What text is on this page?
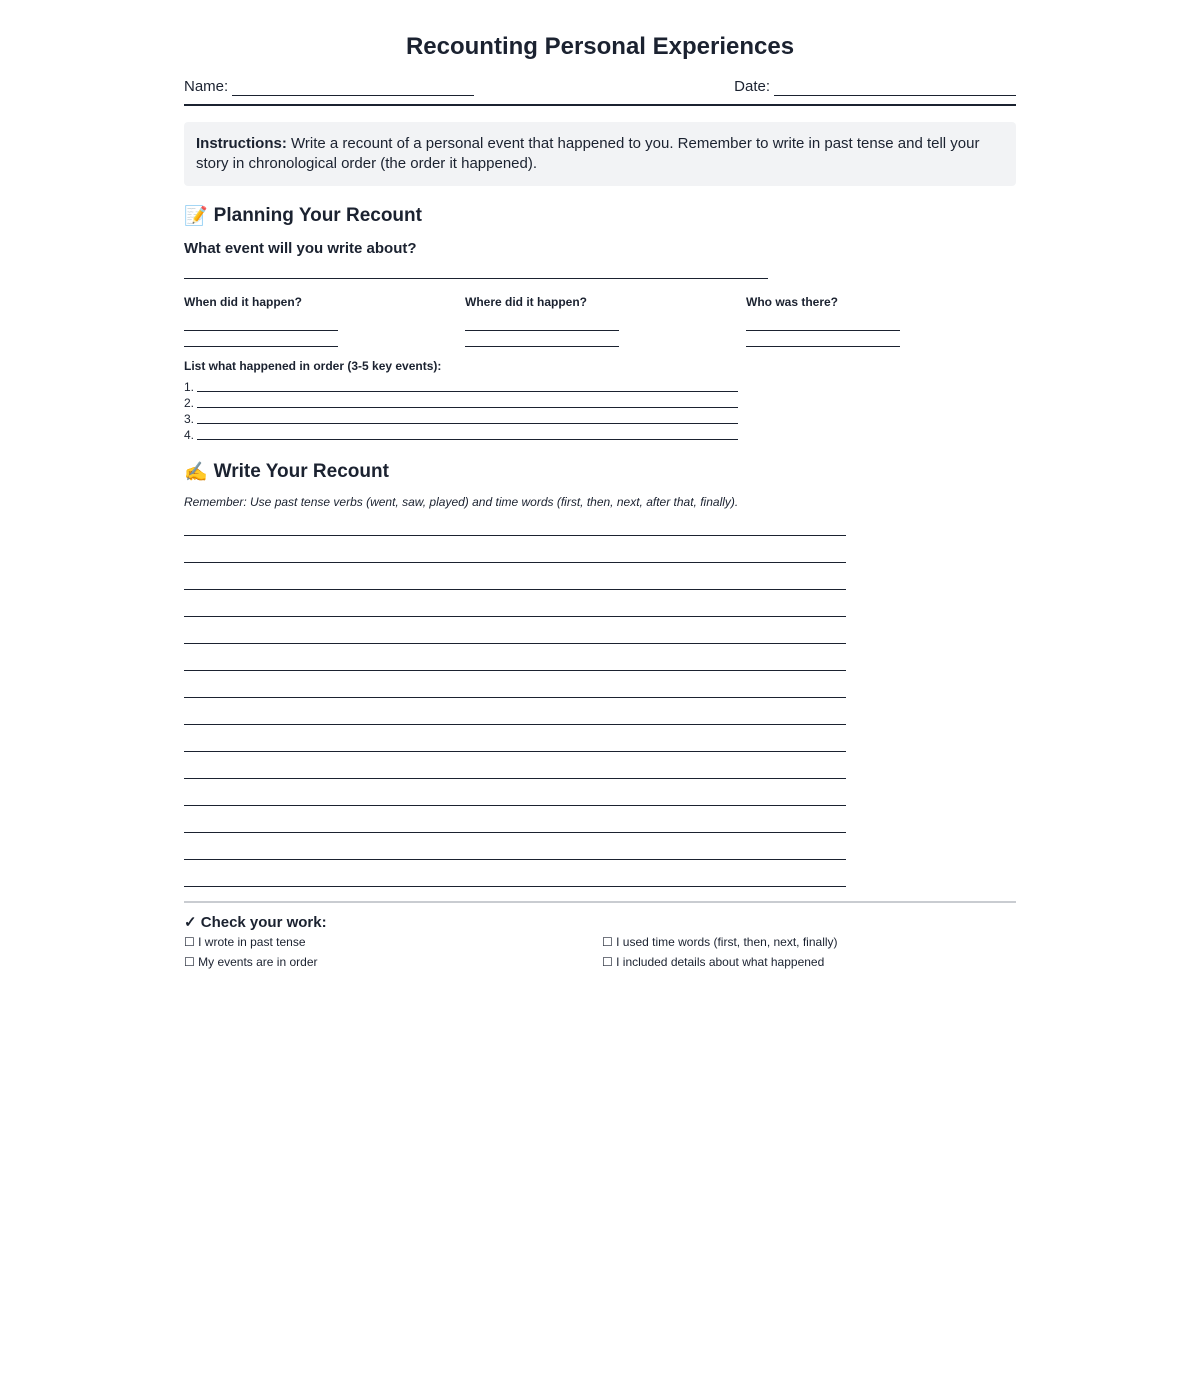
Recounting Personal Experiences
Name:	Date:
Instructions: Write a recount of a personal event that happened to you. Remember to write in past tense and tell your story in chronological order (the order it happened).
📝 Planning Your Recount
What event will you write about?
When did it happen?	Where did it happen?	Who was there?
List what happened in order (3-5 key events):
1.
2.
3.
4.
✍ Write Your Recount
Remember: Use past tense verbs (went, saw, played) and time words (first, then, next, after that, finally).
✓ Check your work:
☐ I wrote in past tense	☐ I used time words (first, then, next, finally)
☐ My events are in order	☐ I included details about what happened
